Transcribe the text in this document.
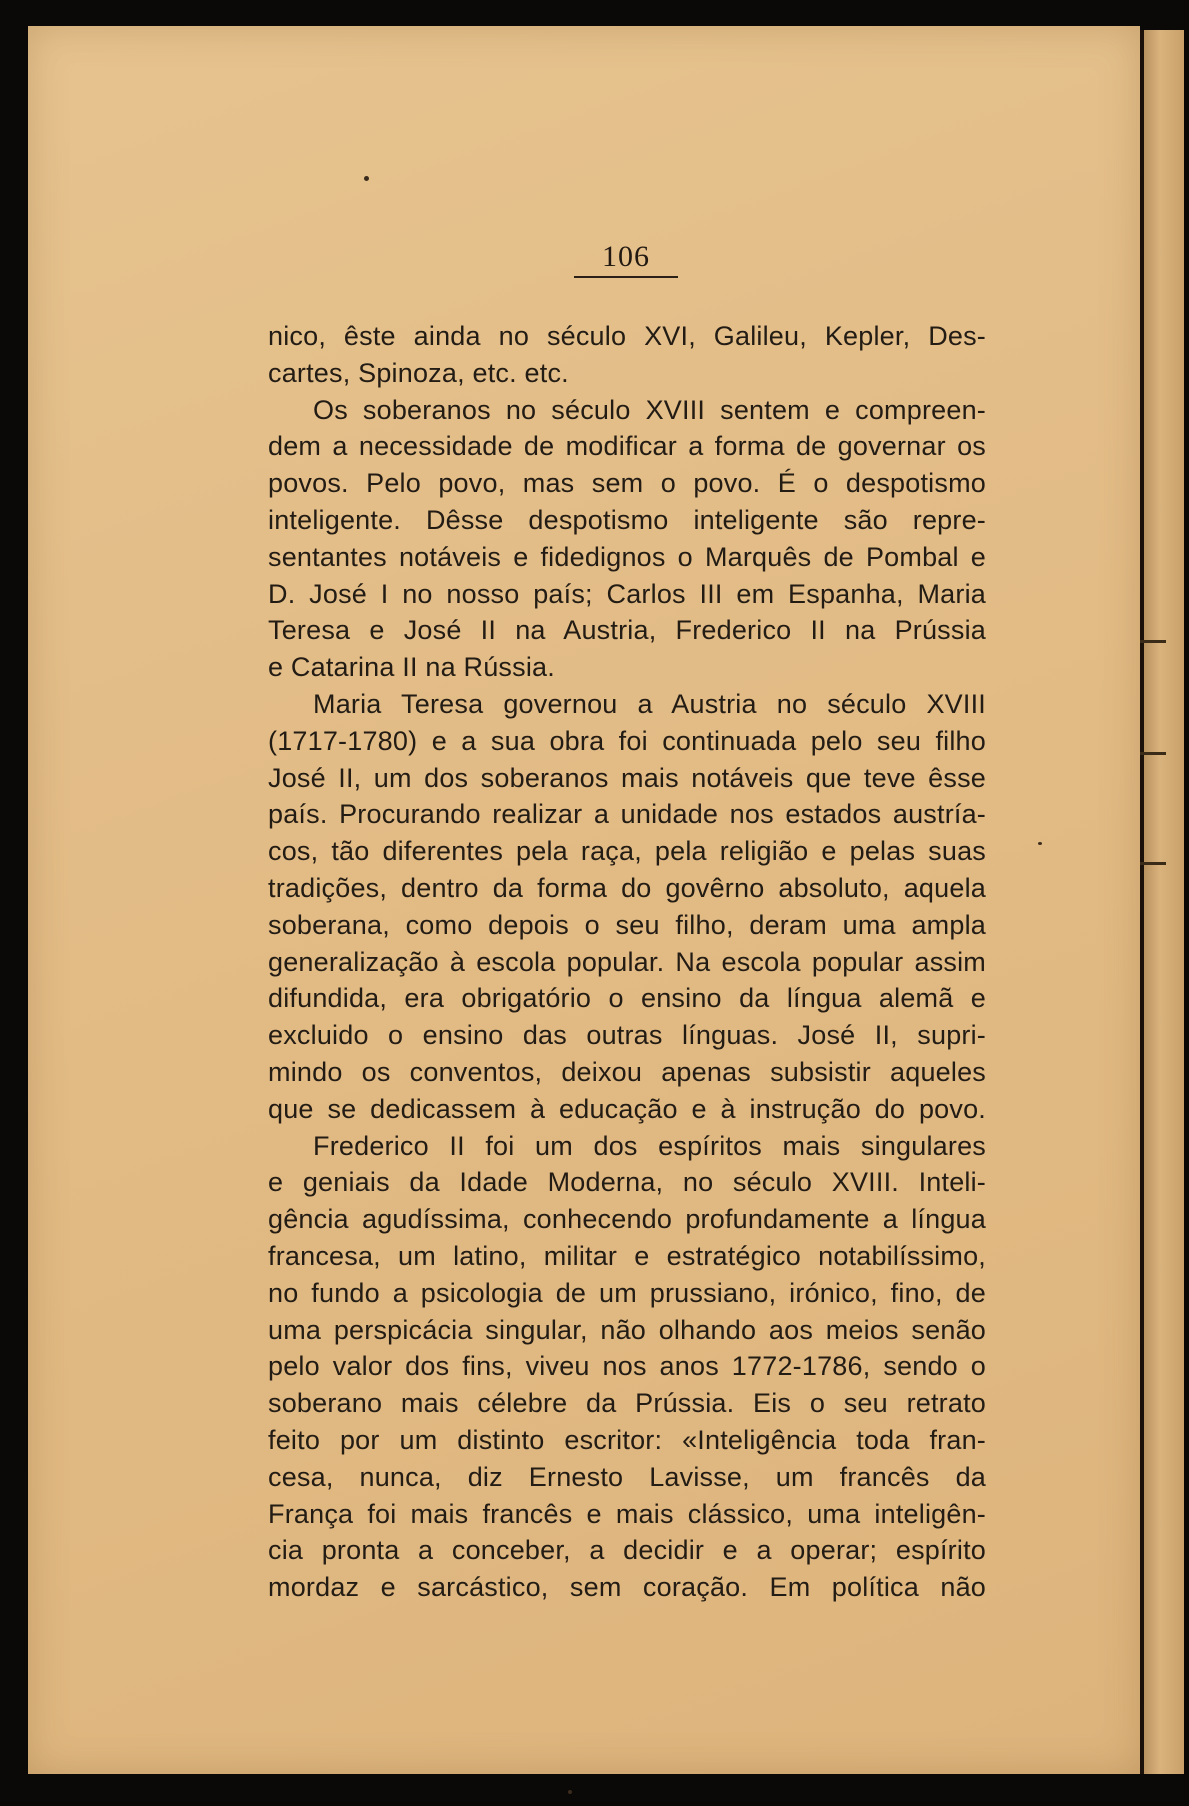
106
nico, êste ainda no século XVI, Galileu, Kepler, Des-
cartes, Spinoza, etc. etc.
Os soberanos no século XVIII sentem e compreen-
dem a necessidade de modificar a forma de governar os
povos. Pelo povo, mas sem o povo. É o despotismo
inteligente. Dêsse despotismo inteligente são repre-
sentantes notáveis e fidedignos o Marquês de Pombal e
D. José I no nosso país; Carlos III em Espanha, Maria
Teresa e José II na Austria, Frederico II na Prússia
e Catarina II na Rússia.
Maria Teresa governou a Austria no século XVIII
(1717-1780) e a sua obra foi continuada pelo seu filho
José II, um dos soberanos mais notáveis que teve êsse
país. Procurando realizar a unidade nos estados austría-
cos, tão diferentes pela raça, pela religião e pelas suas
tradições, dentro da forma do govêrno absoluto, aquela
soberana, como depois o seu filho, deram uma ampla
generalização à escola popular. Na escola popular assim
difundida, era obrigatório o ensino da língua alemã e
excluido o ensino das outras línguas. José II, supri-
mindo os conventos, deixou apenas subsistir aqueles
que se dedicassem à educação e à instrução do povo.
Frederico II foi um dos espíritos mais singulares
e geniais da Idade Moderna, no século XVIII. Inteli-
gência agudíssima, conhecendo profundamente a língua
francesa, um latino, militar e estratégico notabilíssimo,
no fundo a psicologia de um prussiano, irónico, fino, de
uma perspicácia singular, não olhando aos meios senão
pelo valor dos fins, viveu nos anos 1772-1786, sendo o
soberano mais célebre da Prússia. Eis o seu retrato
feito por um distinto escritor: «Inteligência toda fran-
cesa, nunca, diz Ernesto Lavisse, um francês da
França foi mais francês e mais clássico, uma inteligên-
cia pronta a conceber, a decidir e a operar; espírito
mordaz e sarcástico, sem coração. Em política não
